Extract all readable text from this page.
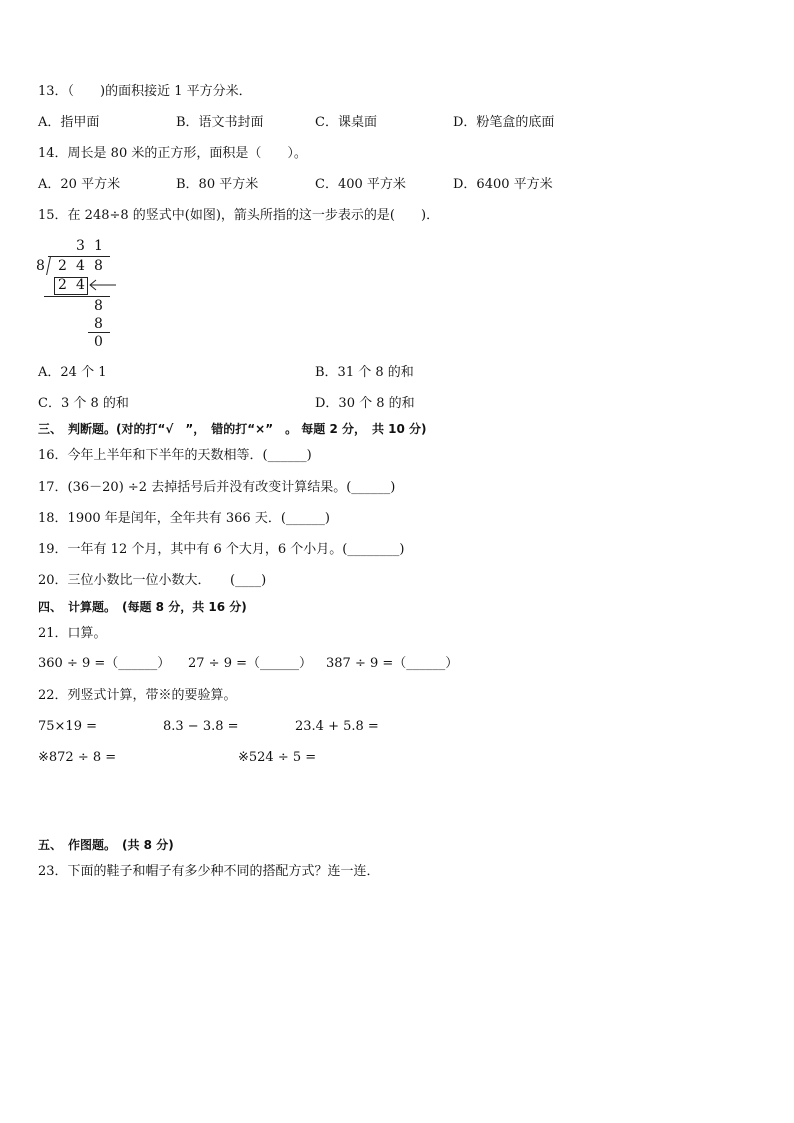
13．（　　)的面积接近 1 平方分米．
A．指甲面	B．语文书封面	C．课桌面	D．粉笔盒的底面
14．周长是 80 米的正方形，面积是（　　）。
A．20 平方米	B．80 平方米	C．400 平方米	D．6400 平方米
15．在 248÷8 的竖式中(如图)，箭头所指的这一步表示的是(　　)．
3 1
8 2 4 8
2 4
8
8
0
A．24 个 1	B．31 个 8 的和
C．3 个 8 的和	D．30 个 8 的和
三、　判断题。(对的打“√　”，　错的打“×”　。 每题 2 分，　共 10 分)
16．今年上半年和下半年的天数相等．(______)
17．(36－20) ÷2 去掉括号后并没有改变计算结果。(______)
18．1900 年是闰年，全年共有 366 天．(______)
19．一年有 12 个月，其中有 6 个大月，6 个小月。(________)
20．三位小数比一位小数大．　　(____)
四、　计算题。　(每题 8 分，共 16 分)
21．口算。
360 ÷ 9 =（______） 27 ÷ 9 =（______） 387 ÷ 9 =（______）
22．列竖式计算，带※的要验算。
75×19 =	8.3 − 3.8 =	23.4 + 5.8 =
※872 ÷ 8 =	※524 ÷ 5 =
五、　作图题。　(共 8 分)
23．下面的鞋子和帽子有多少种不同的搭配方式？连一连．
